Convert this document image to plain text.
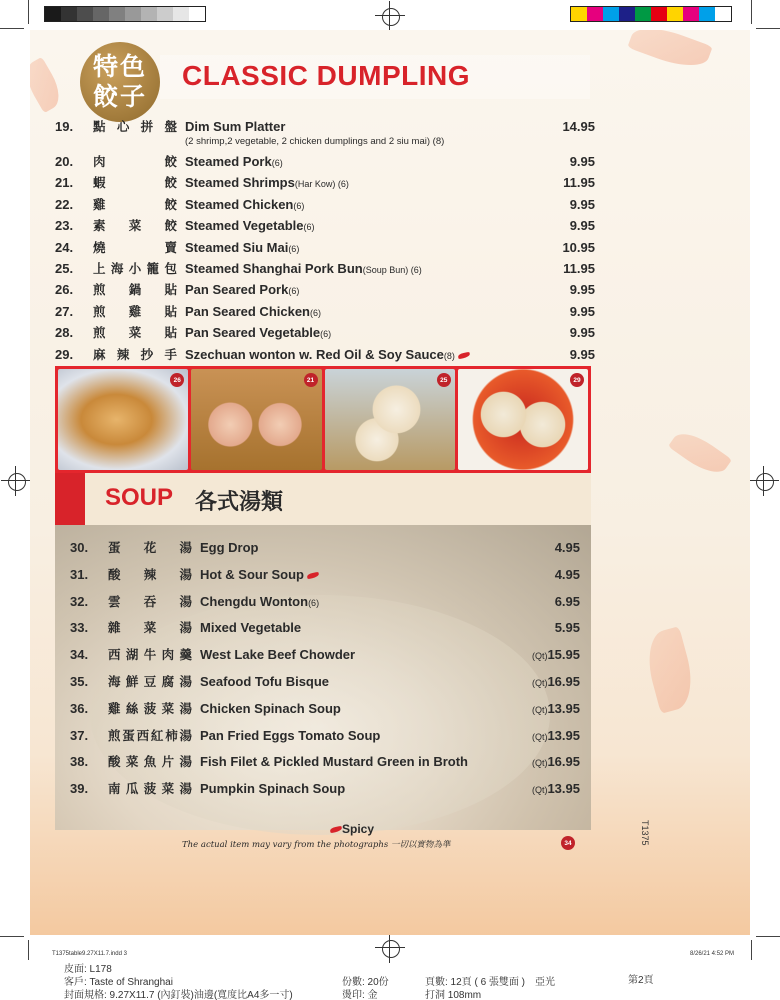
特色
餃子
CLASSIC DUMPLING
19.	點心拼盤 Dim Sum Platter
(2 shrimp,2 vegetable, 2 chicken dumplings and 2 siu mai) (8)
14.95
20.	肉 餃 Steamed Pork(6)	9.95
21.	蝦 餃 Steamed Shrimps(Har Kow) (6)	11.95
22.	雞 餃 Steamed Chicken(6)	9.95
23.	素菜餃 Steamed Vegetable(6)	9.95
24.	燒 賣 Steamed Siu Mai(6)	10.95
25.	上海小籠包 Steamed Shanghai Pork Bun(Soup Bun) (6)	11.95
26.	煎鍋貼 Pan Seared Pork(6)	9.95
27.	煎雞貼 Pan Seared Chicken(6)	9.95
28.	煎菜貼 Pan Seared Vegetable(6)	9.95
29.	麻辣抄手 Szechuan wonton w. Red Oil & Soy Sauce(8)	9.95
26	21	25	29
SOUP 各式湯類
30.	蛋花湯 Egg Drop	4.95
31.	酸辣湯 Hot & Sour Soup	4.95
32.	雲吞湯 Chengdu Wonton(6)	6.95
33.	雜菜湯 Mixed Vegetable	5.95
34.	西湖牛肉羹 West Lake Beef Chowder	(Qt)15.95
35.	海鮮豆腐湯 Seafood Tofu Bisque	(Qt)16.95
36.	雞絲菠菜湯 Chicken Spinach Soup	(Qt)13.95
37.	煎蛋西紅柿湯 Pan Fried Eggs Tomato Soup	(Qt)13.95
38.	酸菜魚片湯 Fish Filet & Pickled Mustard Green in Broth	(Qt)16.95
39.	南瓜菠菜湯 Pumpkin Spinach Soup	(Qt)13.95
Spicy
The actual item may vary from the photographs 一切以實物為準	34	T1375
T1375table9.27X11.7.indd 3	8/26/21 4:52 PM
皮面: L178
客戶: Taste of Shranghai
封面規格: 9.27X11.7 (內釘裝)油邊(寬度比A4多一寸)
份數: 20份
燙印: 金
頁數: 12頁 ( 6 張雙面 )　亞光
打洞 108mm
第2頁
